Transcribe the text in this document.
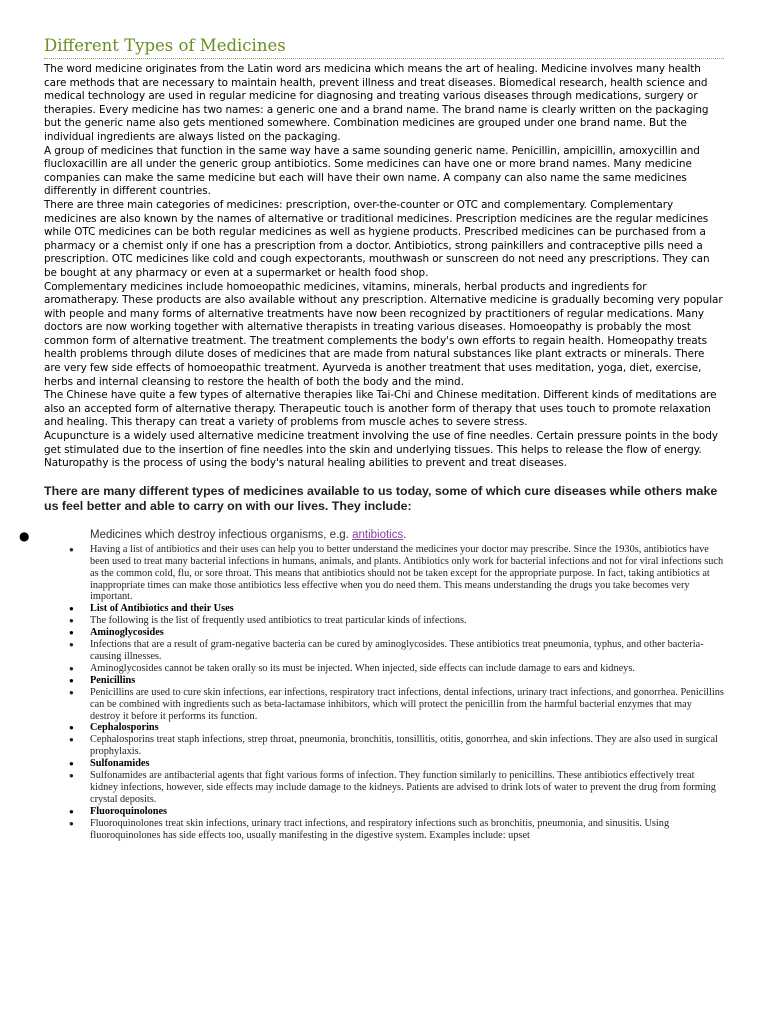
Different Types of Medicines

The word medicine originates from the Latin word ars medicina which means the art of healing. Medicine involves many health care methods that are necessary to maintain health, prevent illness and treat diseases. Biomedical research, health science and medical technology are used in regular medicine for diagnosing and treating various diseases through medications, surgery or therapies. Every medicine has two names: a generic one and a brand name. The brand name is clearly written on the packaging but the generic name also gets mentioned somewhere. Combination medicines are grouped under one brand name. But the individual ingredients are always listed on the packaging.

A group of medicines that function in the same way have a same sounding generic name. Penicillin, ampicillin, amoxycillin and flucloxacillin are all under the generic group antibiotics. Some medicines can have one or more brand names. Many medicine companies can make the same medicine but each will have their own name. A company can also name the same medicines differently in different countries.

There are three main categories of medicines: prescription, over-the-counter or OTC and complementary. Complementary medicines are also known by the names of alternative or traditional medicines. Prescription medicines are the regular medicines while OTC medicines can be both regular medicines as well as hygiene products. Prescribed medicines can be purchased from a pharmacy or a chemist only if one has a prescription from a doctor. Antibiotics, strong painkillers and contraceptive pills need a prescription. OTC medicines like cold and cough expectorants, mouthwash or sunscreen do not need any prescriptions. They can be bought at any pharmacy or even at a supermarket or health food shop.

Complementary medicines include homoeopathic medicines, vitamins, minerals, herbal products and ingredients for aromatherapy. These products are also available without any prescription. Alternative medicine is gradually becoming very popular with people and many forms of alternative treatments have now been recognized by practitioners of regular medications. Many doctors are now working together with alternative therapists in treating various diseases. Homoeopathy is probably the most common form of alternative treatment. The treatment complements the body's own efforts to regain health. Homeopathy treats health problems through dilute doses of medicines that are made from natural substances like plant extracts or minerals. There are very few side effects of homoeopathic treatment. Ayurveda is another treatment that uses meditation, yoga, diet, exercise, herbs and internal cleansing to restore the health of both the body and the mind.

The Chinese have quite a few types of alternative therapies like Tai-Chi and Chinese meditation. Different kinds of meditations are also an accepted form of alternative therapy. Therapeutic touch is another form of therapy that uses touch to promote relaxation and healing. This therapy can treat a variety of problems from muscle aches to severe stress.

Acupuncture is a widely used alternative medicine treatment involving the use of fine needles. Certain pressure points in the body get stimulated due to the insertion of fine needles into the skin and underlying tissues. This helps to release the flow of energy. Naturopathy is the process of using the body's natural healing abilities to prevent and treat diseases.

There are many different types of medicines available to us today, some of which cure diseases while others make us feel better and able to carry on with our lives. They include:

●	Medicines which destroy infectious organisms, e.g. antibiotics.
● Having a list of antibiotics and their uses can help you to better understand the medicines your doctor may prescribe. Since the 1930s, antibiotics have been used to treat many bacterial infections in humans, animals, and plants. Antibiotics only work for bacterial infections and not for viral infections such as the common cold, flu, or sore throat. This means that antibiotics should not be taken except for the appropriate purpose. In fact, taking antibiotics at inappropriate times can make those antibiotics less effective when you do need them. This means understanding the drugs you take becomes very important.
● List of Antibiotics and their Uses
● The following is the list of frequently used antibiotics to treat particular kinds of infections.
● Aminoglycosides
● Infections that are a result of gram-negative bacteria can be cured by aminoglycosides. These antibiotics treat pneumonia, typhus, and other bacteria-causing illnesses.
● Aminoglycosides cannot be taken orally so its must be injected. When injected, side effects can include damage to ears and kidneys.
● Penicillins
● Penicillins are used to cure skin infections, ear infections, respiratory tract infections, dental infections, urinary tract infections, and gonorrhea. Penicillins can be combined with ingredients such as beta-lactamase inhibitors, which will protect the penicillin from the harmful bacterial enzymes that may destroy it before it performs its function.
● Cephalosporins
● Cephalosporins treat staph infections, strep throat, pneumonia, bronchitis, tonsillitis, otitis, gonorrhea, and skin infections. They are also used in surgical prophylaxis.
● Sulfonamides
● Sulfonamides are antibacterial agents that fight various forms of infection. They function similarly to penicillins. These antibiotics effectively treat kidney infections, however, side effects may include damage to the kidneys. Patients are advised to drink lots of water to prevent the drug from forming crystal deposits.
● Fluoroquinolones
● Fluoroquinolones treat skin infections, urinary tract infections, and respiratory infections such as bronchitis, pneumonia, and sinusitis. Using fluoroquinolones has side effects too, usually manifesting in the digestive system. Examples include: upset
